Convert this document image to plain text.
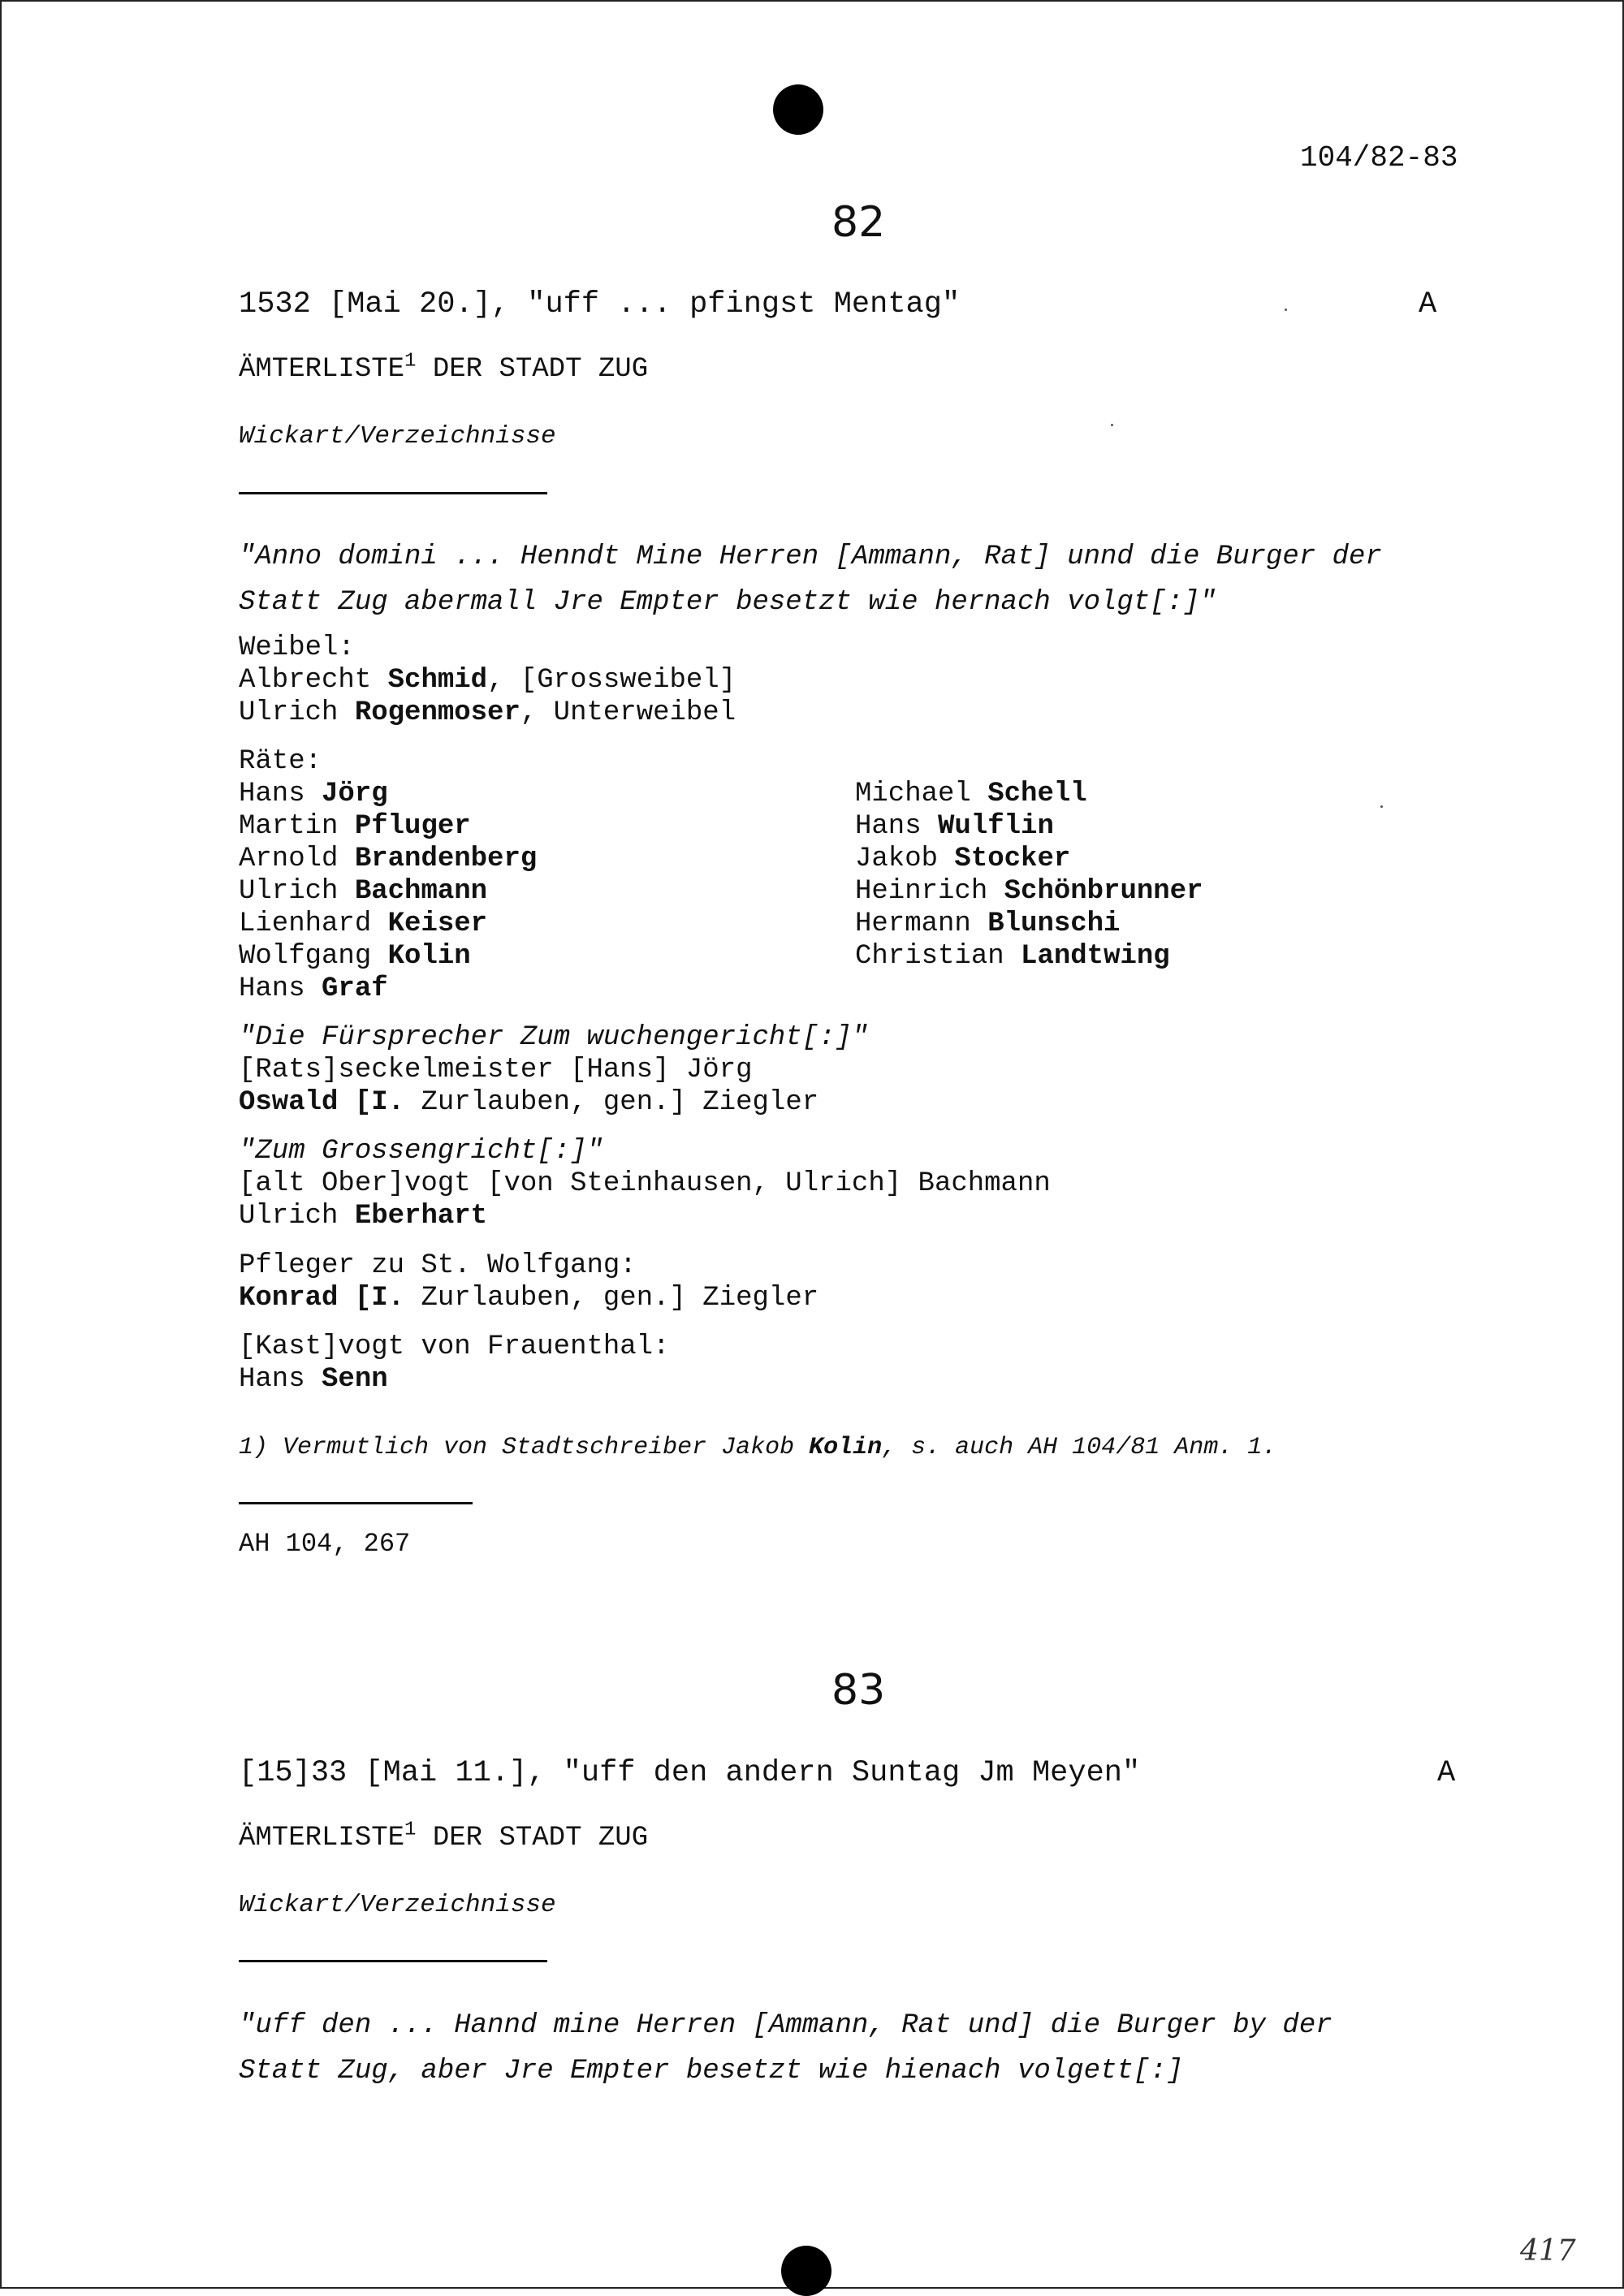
104/82-83
82
1532 [Mai 20.], "uff ... pfingst Mentag"	A
ÄMTERLISTE$^1$ DER STADT ZUG
Wickart/Verzeichnisse
"Anno domini ... Henndt Mine Herren [Ammann, Rat] unnd die Burger der
Statt Zug abermall Jre Empter besetzt wie hernach volgt[:]"
Weibel:
Albrecht Schmid, [Grossweibel]
Ulrich Rogenmoser, Unterweibel
Räte:
Hans Jörg
Martin Pfluger
Arnold Brandenberg
Ulrich Bachmann
Lienhard Keiser
Wolfgang Kolin
Hans Graf
Michael Schell
Hans Wulflin
Jakob Stocker
Heinrich Schönbrunner
Hermann Blunschi
Christian Landtwing
"Die Fürsprecher Zum wuchengericht[:]"
[Rats]seckelmeister [Hans] Jörg
Oswald [I. Zurlauben, gen.] Ziegler
"Zum Grossengricht[:]"
[alt Ober]vogt [von Steinhausen, Ulrich] Bachmann
Ulrich Eberhart
Pfleger zu St. Wolfgang:
Konrad [I. Zurlauben, gen.] Ziegler
[Kast]vogt von Frauenthal:
Hans Senn
1) Vermutlich von Stadtschreiber Jakob Kolin, s. auch AH 104/81 Anm. 1.
AH 104, 267
83
[15]33 [Mai 11.], "uff den andern Suntag Jm Meyen"	A
ÄMTERLISTE$^1$ DER STADT ZUG
Wickart/Verzeichnisse
"uff den ... Hannd mine Herren [Ammann, Rat und] die Burger by der
Statt Zug, aber Jre Empter besetzt wie hienach volgett[:]
417
